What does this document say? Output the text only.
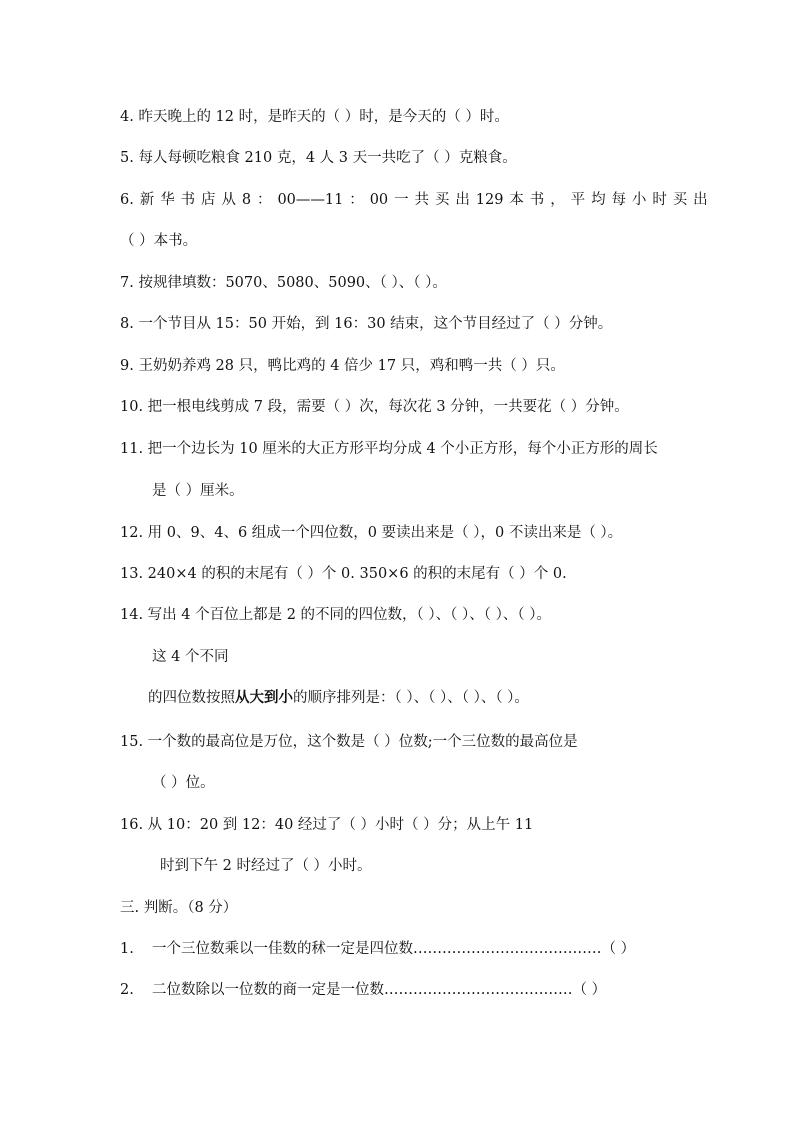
4. 昨天晚上的 12 时，是昨天的（ ）时，是今天的（ ）时。
5. 每人每顿吃粮食 210 克，4 人 3 天一共吃了（ ）克粮食。
6. 新 华 书 店 从 8 ： 00——11 ： 00 一 共 买 出 129 本 书 ， 平 均 每 小 时 买 出
（ ）本书。
7. 按规律填数：5070、5080、5090、（ ）、（ ）。
8. 一个节目从 15：50 开始，到 16：30 结束，这个节目经过了（ ）分钟。
9. 王奶奶养鸡 28 只，鸭比鸡的 4 倍少 17 只，鸡和鸭一共（ ）只。
10. 把一根电线剪成 7 段，需要（ ）次，每次花 3 分钟，一共要花（ ）分钟。
11. 把一个边长为 10 厘米的大正方形平均分成 4 个小正方形，每个小正方形的周长
是（ ）厘米。
12. 用 0、9、4、6 组成一个四位数，0 要读出来是（ ），0 不读出来是（ ）。
13. 240×4 的积的末尾有（ ）个 0. 350×6 的积的末尾有（ ）个 0.
14. 写出 4 个百位上都是 2 的不同的四位数，（ ）、（ ）、（ ）、（ ）。
这 4 个不同
的四位数按照从大到小的顺序排列是：（ ）、（ ）、（ ）、（ ）。
15. 一个数的最高位是万位，这个数是（ ）位数;一个三位数的最高位是
（ ）位。
16. 从 10：20 到 12：40 经过了（ ）小时（ ）分；从上午 11
时到下午 2 时经过了（ ）小时。
三. 判断。（8 分）
1. 一个三位数乘以一佳数的秫一定是四位数…………………………………（ ）
2. 二位数除以一位数的商一定是一位数…………………………………（ ）
